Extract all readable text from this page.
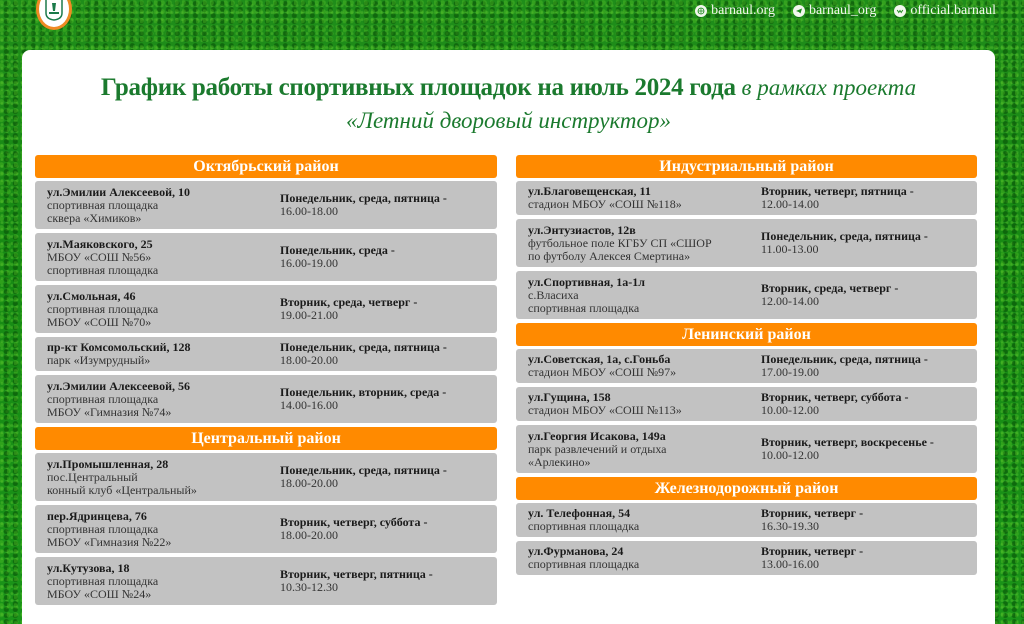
barnaul.org barnaul_org official.barnaul
График работы спортивных площадок на июль 2024 года в рамках проекта
«Летний дворовый инструктор»
Октябрьский район
ул.Эмилии Алексеевой, 10
спортивная площадка
сквера «Химиков»
Понедельник, среда, пятница -
16.00-18.00
ул.Маяковского, 25
МБОУ «СОШ №56»
спортивная площадка
Понедельник, среда -
16.00-19.00
ул.Смольная, 46
спортивная площадка
МБОУ «СОШ №70»
Вторник, среда, четверг -
19.00-21.00
пр-кт Комсомольский, 128
парк «Изумрудный»
Понедельник, среда, пятница -
18.00-20.00
ул.Эмилии Алексеевой, 56
спортивная площадка
МБОУ «Гимназия №74»
Понедельник, вторник, среда -
14.00-16.00
Центральный район
ул.Промышленная, 28
пос.Центральный
конный клуб «Центральный»
Понедельник, среда, пятница -
18.00-20.00
пер.Ядринцева, 76
спортивная площадка
МБОУ «Гимназия №22»
Вторник, четверг, суббота -
18.00-20.00
ул.Кутузова, 18
спортивная площадка
МБОУ «СОШ №24»
Вторник, четверг, пятница -
10.30-12.30
Индустриальный район
ул.Благовещенская, 11
стадион МБОУ «СОШ №118»
Вторник, четверг, пятница -
12.00-14.00
ул.Энтузиастов, 12в
футбольное поле КГБУ СП «СШОР
по футболу Алексея Смертина»
Понедельник, среда, пятница -
11.00-13.00
ул.Спортивная, 1а-1л
с.Власиха
спортивная площадка
Вторник, среда, четверг -
12.00-14.00
Ленинский район
ул.Советская, 1а, с.Гоньба
стадион МБОУ «СОШ №97»
Понедельник, среда, пятница -
17.00-19.00
ул.Гущина, 158
стадион МБОУ «СОШ №113»
Вторник, четверг, суббота -
10.00-12.00
ул.Георгия Исакова, 149а
парк развлечений и отдыха
«Арлекино»
Вторник, четверг, воскресенье -
10.00-12.00
Железнодорожный район
ул. Телефонная, 54
спортивная площадка
Вторник, четверг -
16.30-19.30
ул.Фурманова, 24
спортивная площадка
Вторник, четверг -
13.00-16.00
